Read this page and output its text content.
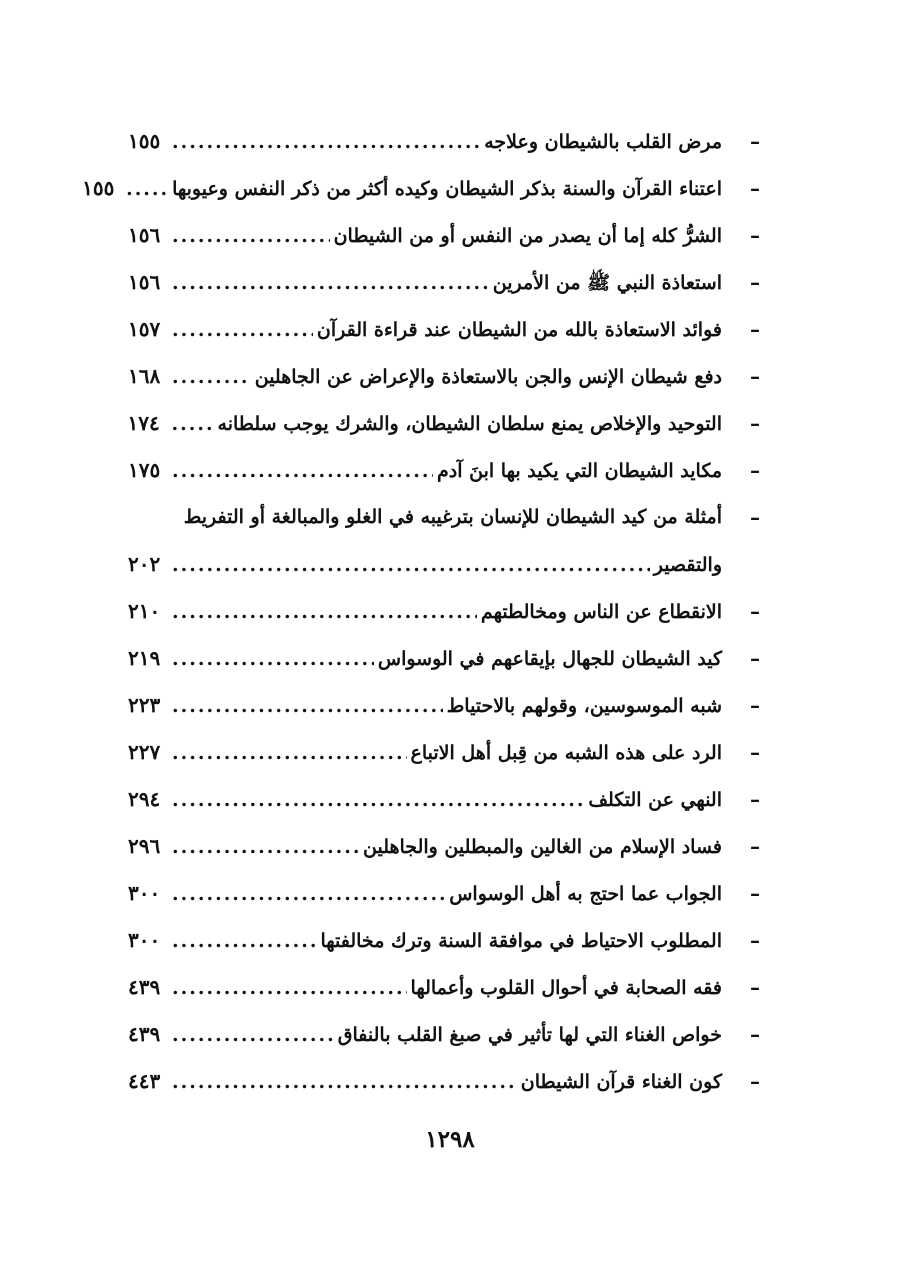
–
مرض القلب بالشيطان وعلاجه
.....
١٥٥
–
اعتناء القرآن والسنة بذكر الشيطان وكيده أكثر من ذكر النفس وعيوبها
.....
١٥٥
–
الشرُّ كله إما أن يصدر من النفس أو من الشيطان
.....
١٥٦
–
استعاذة النبي ﷺ من الأمرين
.....
١٥٦
–
فوائد الاستعاذة بالله من الشيطان عند قراءة القرآن
.....
١٥٧
–
دفع شيطان الإنس والجن بالاستعاذة والإعراض عن الجاهلين
.....
١٦٨
–
التوحيد والإخلاص يمنع سلطان الشيطان، والشرك يوجب سلطانه
.....
١٧٤
–
مكايد الشيطان التي يكيد بها ابنَ آدم
.....
١٧٥
–
أمثلة من كيد الشيطان للإنسان بترغيبه في الغلو والمبالغة أو التفريط
والتقصير
.....
٢٠٢
–
الانقطاع عن الناس ومخالطتهم
.....
٢١٠
–
كيد الشيطان للجهال بإيقاعهم في الوسواس
.....
٢١٩
–
شبه الموسوسين، وقولهم بالاحتياط
.....
٢٢٣
–
الرد على هذه الشبه من قِبل أهل الاتباع
.....
٢٢٧
–
النهي عن التكلف
.....
٢٩٤
–
فساد الإسلام من الغالين والمبطلين والجاهلين
.....
٢٩٦
–
الجواب عما احتج به أهل الوسواس
.....
٣٠٠
–
المطلوب الاحتياط في موافقة السنة وترك مخالفتها
.....
٣٠٠
–
فقه الصحابة في أحوال القلوب وأعمالها
.....
٤٣٩
–
خواص الغناء التي لها تأثير في صبغ القلب بالنفاق
.....
٤٣٩
–
كون الغناء قرآن الشيطان
.....
٤٤٣
١٢٩٨
